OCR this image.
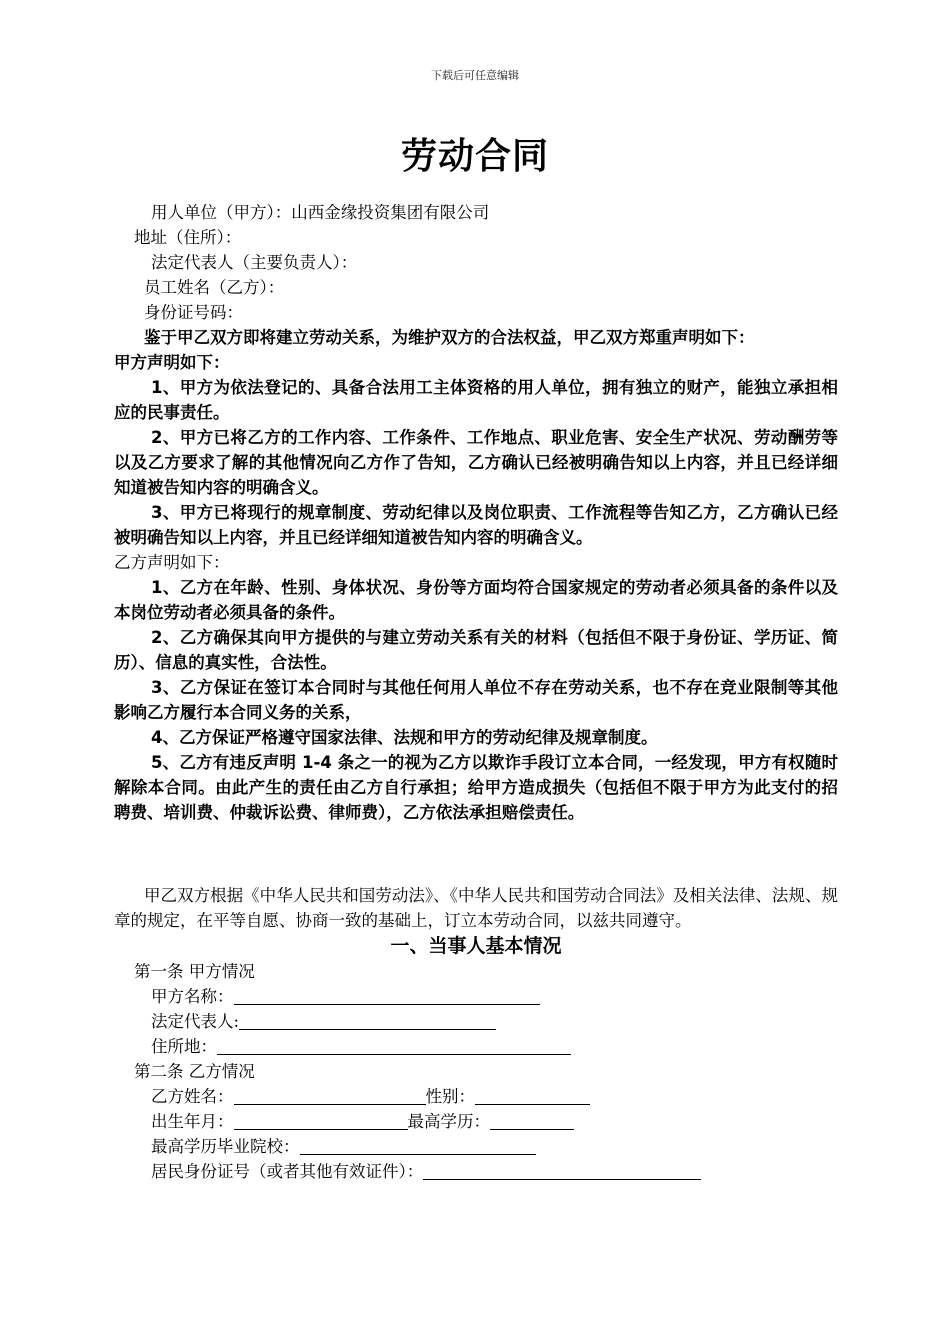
下载后可任意编辑
劳动合同
用人单位（甲方）：山西金缘投资集团有限公司
地址（住所）：
法定代表人（主要负责人）：
员工姓名（乙方）：
身份证号码：
鉴于甲乙双方即将建立劳动关系，为维护双方的合法权益，甲乙双方郑重声明如下：
甲方声明如下：
1、甲方为依法登记的、具备合法用工主体资格的用人单位，拥有独立的财产，能独立承担相应的民事责任。
2、甲方已将乙方的工作内容、工作条件、工作地点、职业危害、安全生产状况、劳动酬劳等以及乙方要求了解的其他情况向乙方作了告知，乙方确认已经被明确告知以上内容，并且已经详细知道被告知内容的明确含义。
3、甲方已将现行的规章制度、劳动纪律以及岗位职责、工作流程等告知乙方，乙方确认已经被明确告知以上内容，并且已经详细知道被告知内容的明确含义。
乙方声明如下：
1、乙方在年龄、性别、身体状况、身份等方面均符合国家规定的劳动者必须具备的条件以及本岗位劳动者必须具备的条件。
2、乙方确保其向甲方提供的与建立劳动关系有关的材料（包括但不限于身份证、学历证、简历）、信息的真实性，合法性。
3、乙方保证在签订本合同时与其他任何用人单位不存在劳动关系，也不存在竞业限制等其他影响乙方履行本合同义务的关系，
4、乙方保证严格遵守国家法律、法规和甲方的劳动纪律及规章制度。
5、乙方有违反声明 1-4 条之一的视为乙方以欺诈手段订立本合同，一经发现，甲方有权随时解除本合同。由此产生的责任由乙方自行承担；给甲方造成损失（包括但不限于甲方为此支付的招聘费、培训费、仲裁诉讼费、律师费），乙方依法承担赔偿责任。
甲乙双方根据《中华人民共和国劳动法》、《中华人民共和国劳动合同法》及相关法律、法规、规章的规定，在平等自愿、协商一致的基础上，订立本劳动合同，以兹共同遵守。
一、当事人基本情况
第一条 甲方情况
甲方名称：
法定代表人:
住所地：
第二条 乙方情况
乙方姓名：	性别：
出生年月：	最高学历：
最高学历毕业院校：
居民身份证号（或者其他有效证件）：
